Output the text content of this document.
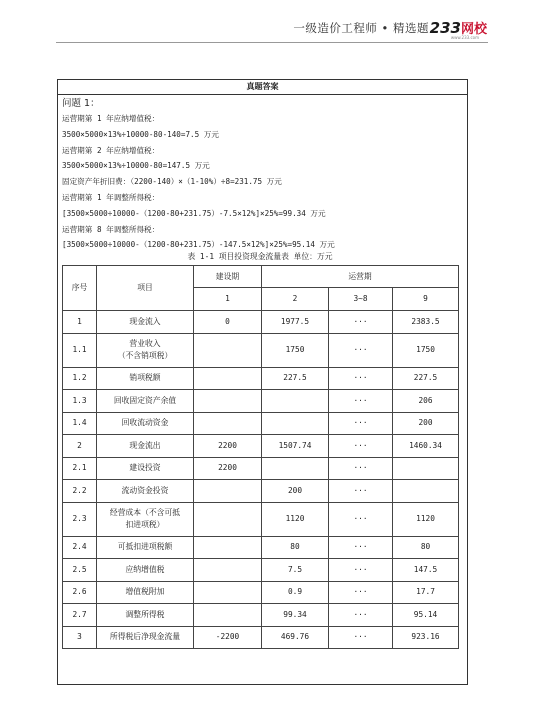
一级造价工程师 • 精选题 233网校
www.233.com
真题答案
问题 1：
运营期第 1 年应纳增值税：
3500×5000×13%÷10000-80-140=7.5 万元
运营期第 2 年应纳增值税：
3500×5000×13%÷10000-80=147.5 万元
固定资产年折旧费：（2200-140）×（1-10%）÷8=231.75 万元
运营期第 1 年调整所得税：
[3500×5000÷10000-（1200-80+231.75）-7.5×12%]×25%=99.34 万元
运营期第 8 年调整所得税：
[3500×5000÷10000-（1200-80+231.75）-147.5×12%]×25%=95.14 万元
表 1-1 项目投资现金流量表 单位：万元
序号	项目	建设期	运营期		
		1	2	3~8	9
1	现金流入	0	1977.5	···	2383.5
1.1	营业收入
（不含销项税）		1750	···	1750
1.2	销项税额		227.5	···	227.5
1.3	回收固定资产余值			···	206
1.4	回收流动资金			···	200
2	现金流出	2200	1507.74	···	1460.34
2.1	建设投资	2200		···	
2.2	流动资金投资		200	···	
2.3	经营成本（不含可抵
扣进项税）		1120	···	1120
2.4	可抵扣进项税额		80	···	80
2.5	应纳增值税		7.5	···	147.5
2.6	增值税附加		0.9	···	17.7
2.7	调整所得税		99.34	···	95.14
3	所得税后净现金流量	-2200	469.76	···	923.16
